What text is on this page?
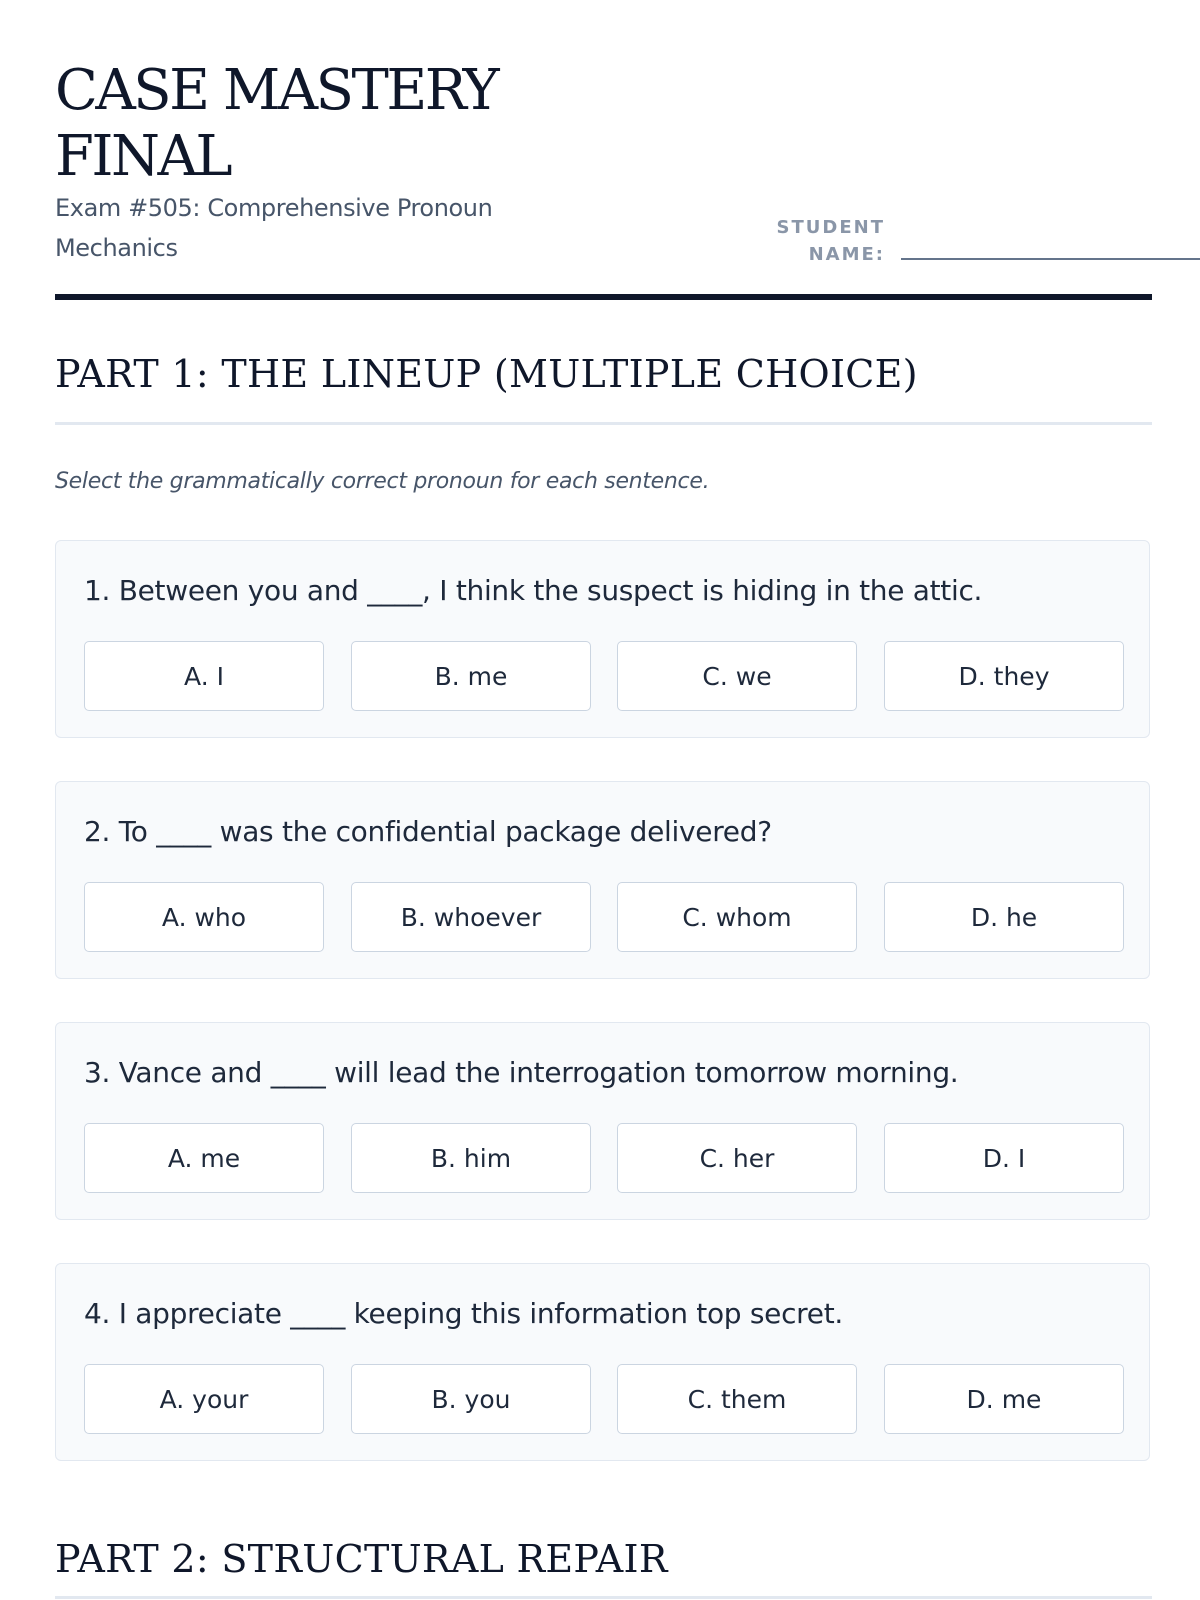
CASE MASTERY FINAL
Exam #505: Comprehensive Pronoun Mechanics
STUDENT NAME:
PART 1: THE LINEUP (MULTIPLE CHOICE)
Select the grammatically correct pronoun for each sentence.
1. Between you and ____, I think the suspect is hiding in the attic.
A. I	B. me	C. we	D. they
2. To ____ was the confidential package delivered?
A. who	B. whoever	C. whom	D. he
3. Vance and ____ will lead the interrogation tomorrow morning.
A. me	B. him	C. her	D. I
4. I appreciate ____ keeping this information top secret.
A. your	B. you	C. them	D. me
PART 2: STRUCTURAL REPAIR
